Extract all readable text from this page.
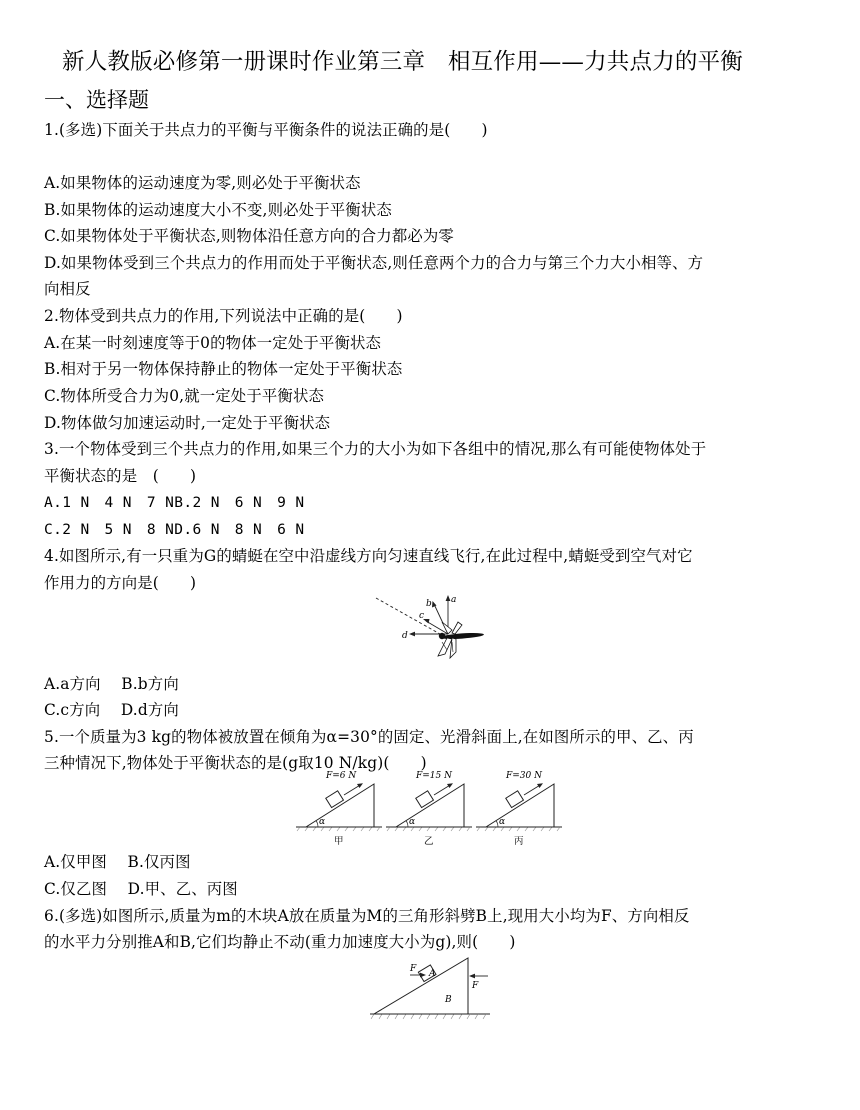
新人教版必修第一册课时作业第三章　相互作用——力共点力的平衡
一、选择题
1.(多选)下面关于共点力的平衡与平衡条件的说法正确的是(　　)
A.如果物体的运动速度为零,则必处于平衡状态
B.如果物体的运动速度大小不变,则必处于平衡状态
C.如果物体处于平衡状态,则物体沿任意方向的合力都必为零
D.如果物体受到三个共点力的作用而处于平衡状态,则任意两个力的合力与第三个力大小相等、方
向相反
2.物体受到共点力的作用,下列说法中正确的是(　　)
A.在某一时刻速度等于0的物体一定处于平衡状态
B.相对于另一物体保持静止的物体一定处于平衡状态
C.物体所受合力为0,就一定处于平衡状态
D.物体做匀加速运动时,一定处于平衡状态
3.一个物体受到三个共点力的作用,如果三个力的大小为如下各组中的情况,那么有可能使物体处于
平衡状态的是　(　　)
A.1 N　4 N　7 NB.2 N　6 N　9 N
C.2 N　5 N　8 ND.6 N　8 N　6 N
4.如图所示,有一只重为G的蜻蜓在空中沿虚线方向匀速直线飞行,在此过程中,蜻蜓受到空气对它
作用力的方向是(　　)
a
b
c
d
A.a方向　 B.b方向
C.c方向　 D.d方向
5.一个质量为3 kg的物体被放置在倾角为α=30°的固定、光滑斜面上,在如图所示的甲、乙、丙
三种情况下,物体处于平衡状态的是(g取10 N/kg)(　　)
F=6 N
α
甲
F=15 N
α
乙
F=30 N
α
丙
A.仅甲图　 B.仅丙图
C.仅乙图　 D.甲、乙、丙图
6.(多选)如图所示,质量为m的木块A放在质量为M的三角形斜劈B上,现用大小均为F、方向相反
的水平力分别推A和B,它们均静止不动(重力加速度大小为g),则(　　)
F A
B
F
